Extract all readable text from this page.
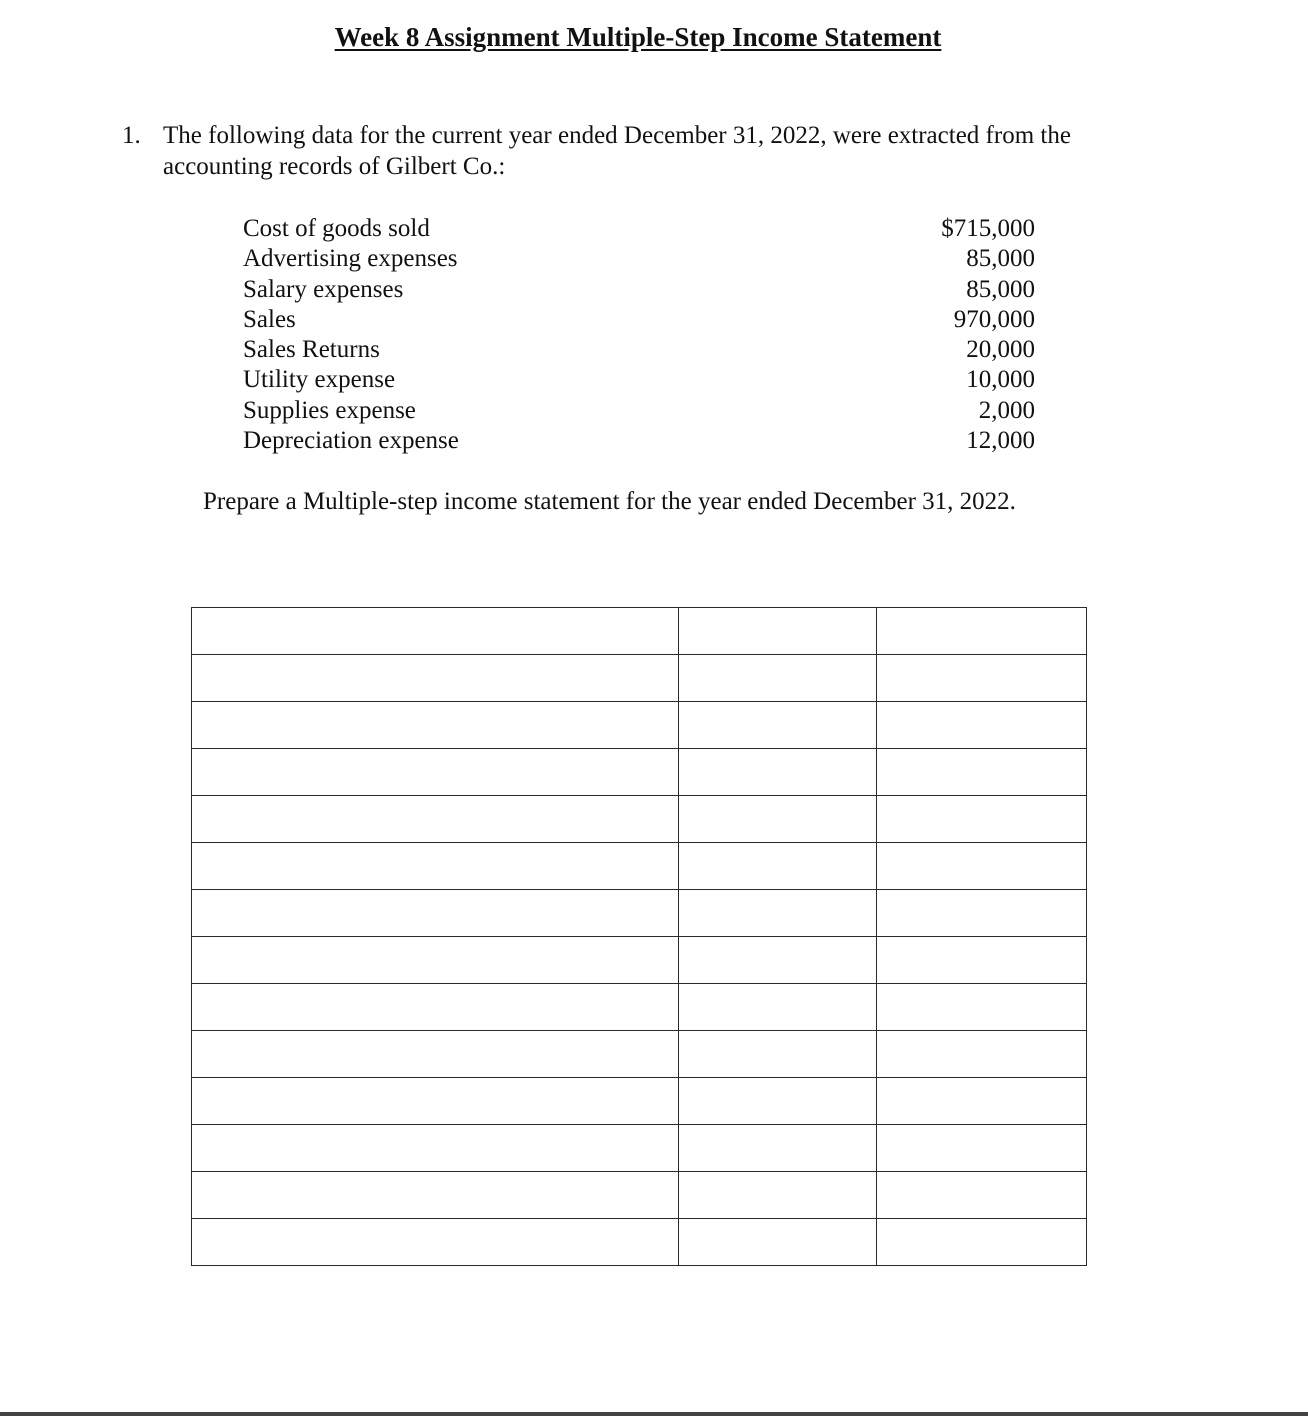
Week 8 Assignment Multiple-Step Income Statement
1. The following data for the current year ended December 31, 2022, were extracted from the accounting records of Gilbert Co.:
Cost of goods sold	$715,000
Advertising expenses	85,000
Salary expenses	85,000
Sales	970,000
Sales Returns	20,000
Utility expense	10,000
Supplies expense	2,000
Depreciation expense	12,000
Prepare a Multiple-step income statement for the year ended December 31, 2022.
